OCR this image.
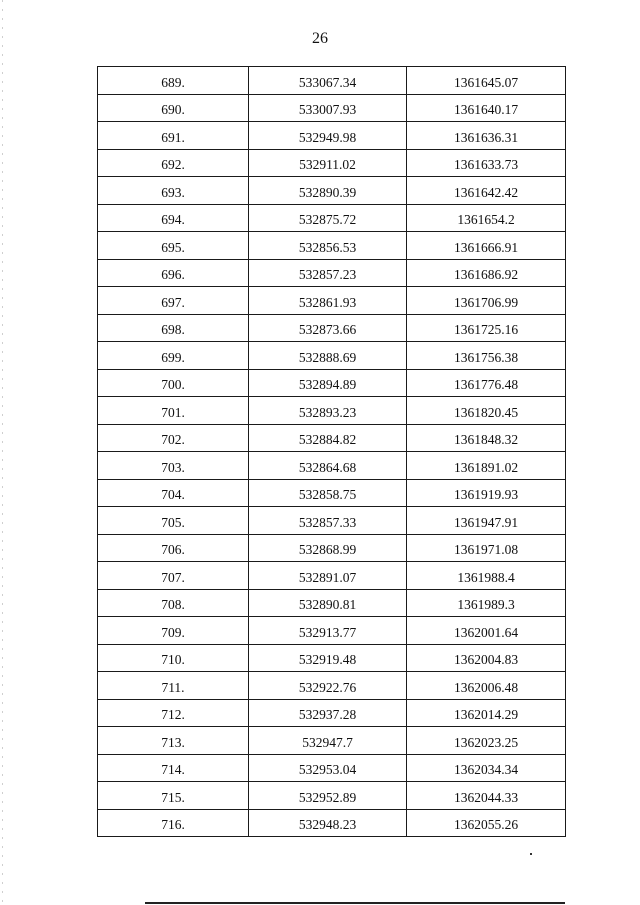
26
689.	533067.34	1361645.07
690.	533007.93	1361640.17
691.	532949.98	1361636.31
692.	532911.02	1361633.73
693.	532890.39	1361642.42
694.	532875.72	1361654.2
695.	532856.53	1361666.91
696.	532857.23	1361686.92
697.	532861.93	1361706.99
698.	532873.66	1361725.16
699.	532888.69	1361756.38
700.	532894.89	1361776.48
701.	532893.23	1361820.45
702.	532884.82	1361848.32
703.	532864.68	1361891.02
704.	532858.75	1361919.93
705.	532857.33	1361947.91
706.	532868.99	1361971.08
707.	532891.07	1361988.4
708.	532890.81	1361989.3
709.	532913.77	1362001.64
710.	532919.48	1362004.83
711.	532922.76	1362006.48
712.	532937.28	1362014.29
713.	532947.7	1362023.25
714.	532953.04	1362034.34
715.	532952.89	1362044.33
716.	532948.23	1362055.26
